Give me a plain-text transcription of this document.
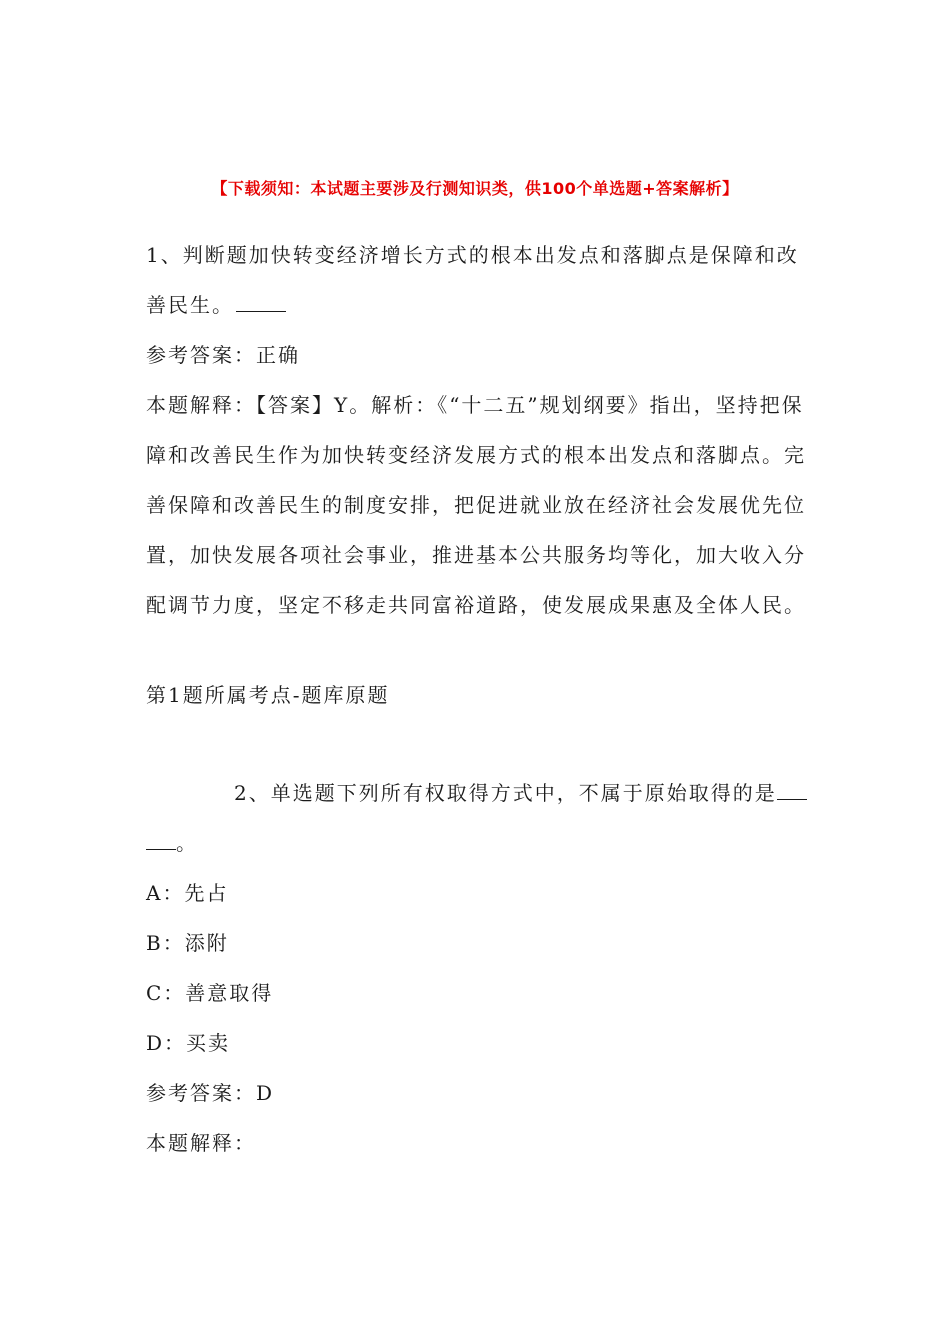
【下载须知：本试题主要涉及行测知识类，供100个单选题+答案解析】

1、判断题加快转变经济增长方式的根本出发点和落脚点是保障和改善民生。

参考答案：正确

本题解释：【答案】Y。解析：《“十二五”规划纲要》指出，坚持把保障和改善民生作为加快转变经济发展方式的根本出发点和落脚点。完善保障和改善民生的制度安排，把促进就业放在经济社会发展优先位置，加快发展各项社会事业，推进基本公共服务均等化，加大收入分配调节力度，坚定不移走共同富裕道路，使发展成果惠及全体人民。

第1题所属考点-题库原题

2、单选题下列所有权取得方式中，不属于原始取得的是。

A：先占

B：添附

C：善意取得

D：买卖

参考答案：D

本题解释：
